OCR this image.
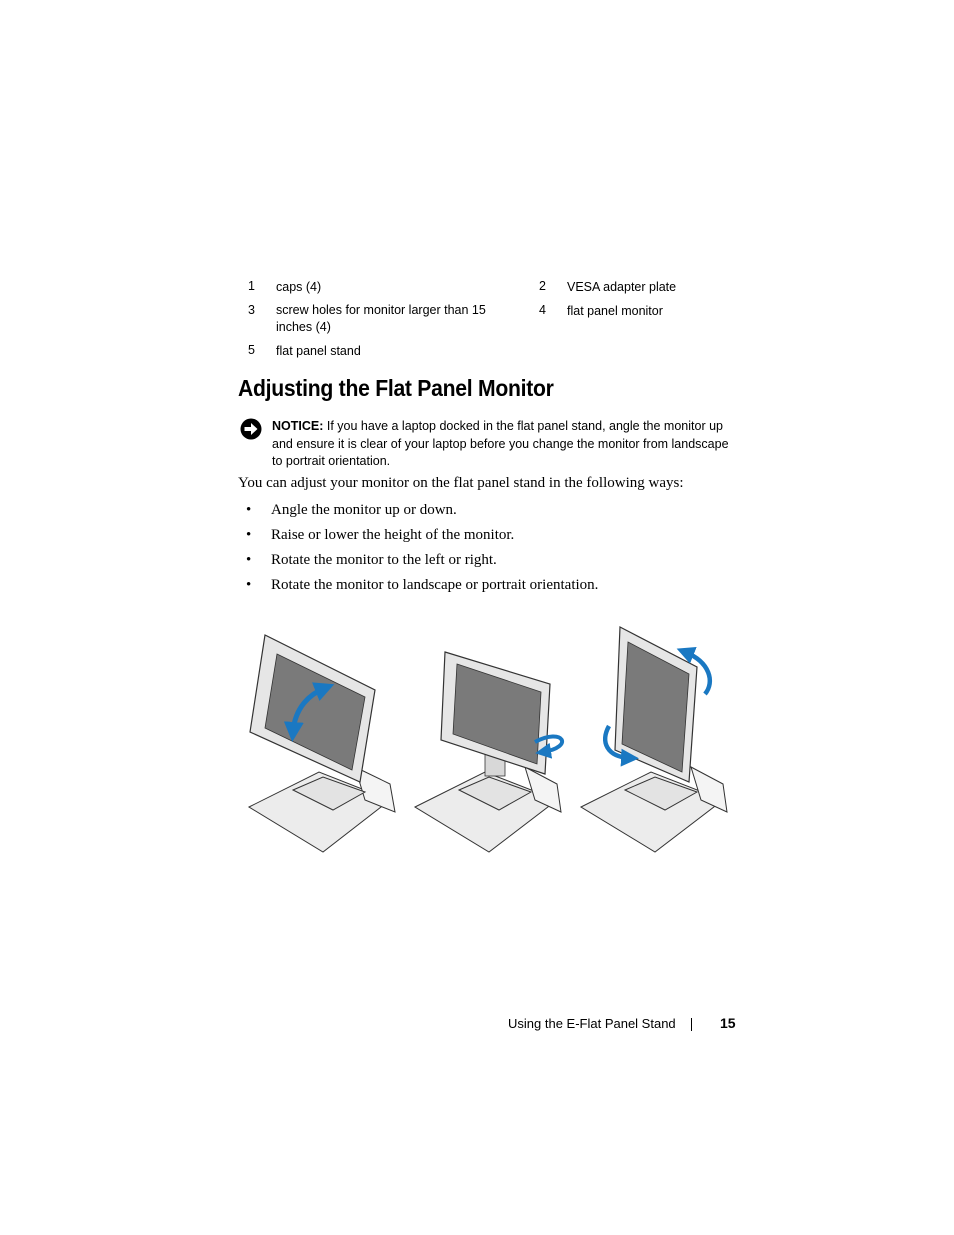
1 caps (4)	2 VESA adapter plate
3 screw holes for monitor larger than 15
inches (4)
4 flat panel monitor
5 flat panel stand
Adjusting the Flat Panel Monitor
NOTICE: If you have a laptop docked in the flat panel stand, angle the monitor up
and ensure it is clear of your laptop before you change the monitor from landscape
to portrait orientation.
You can adjust your monitor on the flat panel stand in the following ways:
• Angle the monitor up or down.
• Raise or lower the height of the monitor.
• Rotate the monitor to the left or right.
• Rotate the monitor to landscape or portrait orientation.
Using the E-Flat Panel Stand	15
